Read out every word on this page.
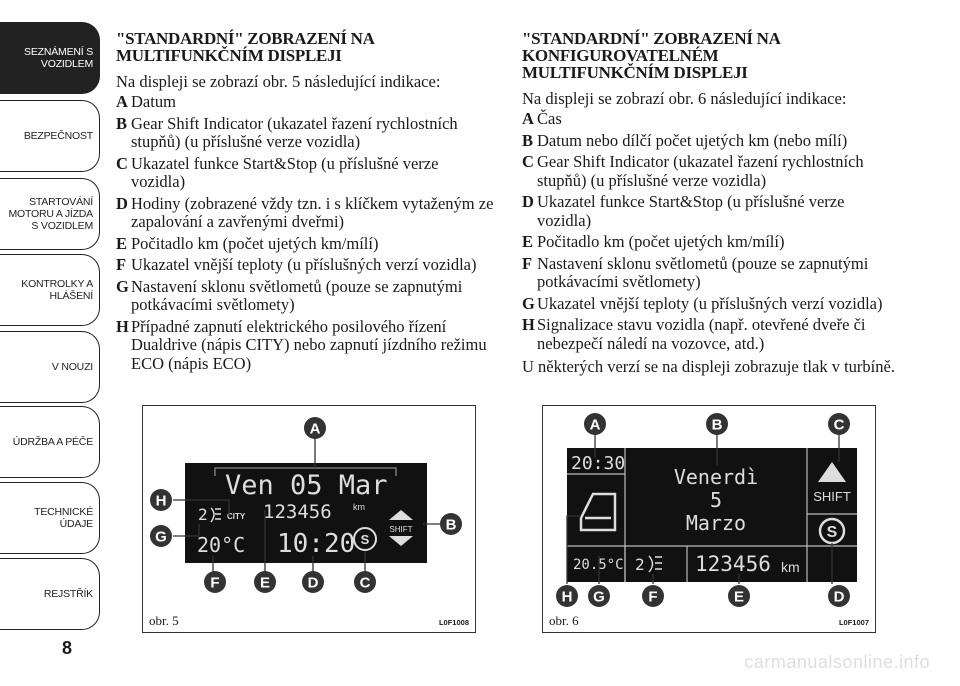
SEZNÁMENÍ S
VOZIDLEM
BEZPEČNOST
STARTOVÁNÍ
MOTORU A JÍZDA
S VOZIDLEM
KONTROLKY A
HLÁŠENÍ
V NOUZI
ÚDRŽBA A PÉČE
TECHNICKÉ
ÚDAJE
REJSTŘÍK
8
"STANDARDNÍ" ZOBRAZENÍ NA
MULTIFUNKČNÍM DISPLEJI

Na displeji se zobrazí obr. 5 následující indikace:

A Datum
B Gear Shift Indicator (ukazatel řazení rychlostních stupňů) (u příslušné verze vozidla)
C Ukazatel funkce Start&Stop (u příslušné verze vozidla)
D Hodiny (zobrazené vždy tzn. i s klíčkem vytaženým ze zapalování a zavřenými dveřmi)
E Počitadlo km (počet ujetých km/mílí)
F Ukazatel vnější teploty (u příslušných verzí vozidla)
G Nastavení sklonu světlometů (pouze se zapnutými potkávacími světlomety)
H Případné zapnutí elektrického posilového řízení Dualdrive (nápis CITY) nebo zapnutí jízdního režimu ECO (nápis ECO)
"STANDARDNÍ" ZOBRAZENÍ NA
KONFIGUROVATELNÉM
MULTIFUNKČNÍM DISPLEJI

Na displeji se zobrazí obr. 6 následující indikace:

A Čas
B Datum nebo dílčí počet ujetých km (nebo mílí)
C Gear Shift Indicator (ukazatel řazení rychlostních stupňů) (u příslušné verze vozidla)
D Ukazatel funkce Start&Stop (u příslušné verze vozidla)
E Počitadlo km (počet ujetých km/mílí)
F Nastavení sklonu světlometů (pouze se zapnutými potkávacími světlomety)
G Ukazatel vnější teploty (u příslušných verzí vozidla)
H Signalizace stavu vozidla (např. otevřené dveře či nebezpečí náledí na vozovce, atd.)

U některých verzí se na displeji zobrazuje tlak v turbíně.

Ven 05 Mar
123456 km
2 CITY
20°C 10:20 S
SHIFT
A
B
C
D
E
F
G
H
obr. 5	L0F1008
20:30
Venerdì
5
Marzo
SHIFT
S
20.5°C 2 123456 km
A	B	C
D
E
F
G
H
obr. 6	L0F1007
carmanualsonline.info
